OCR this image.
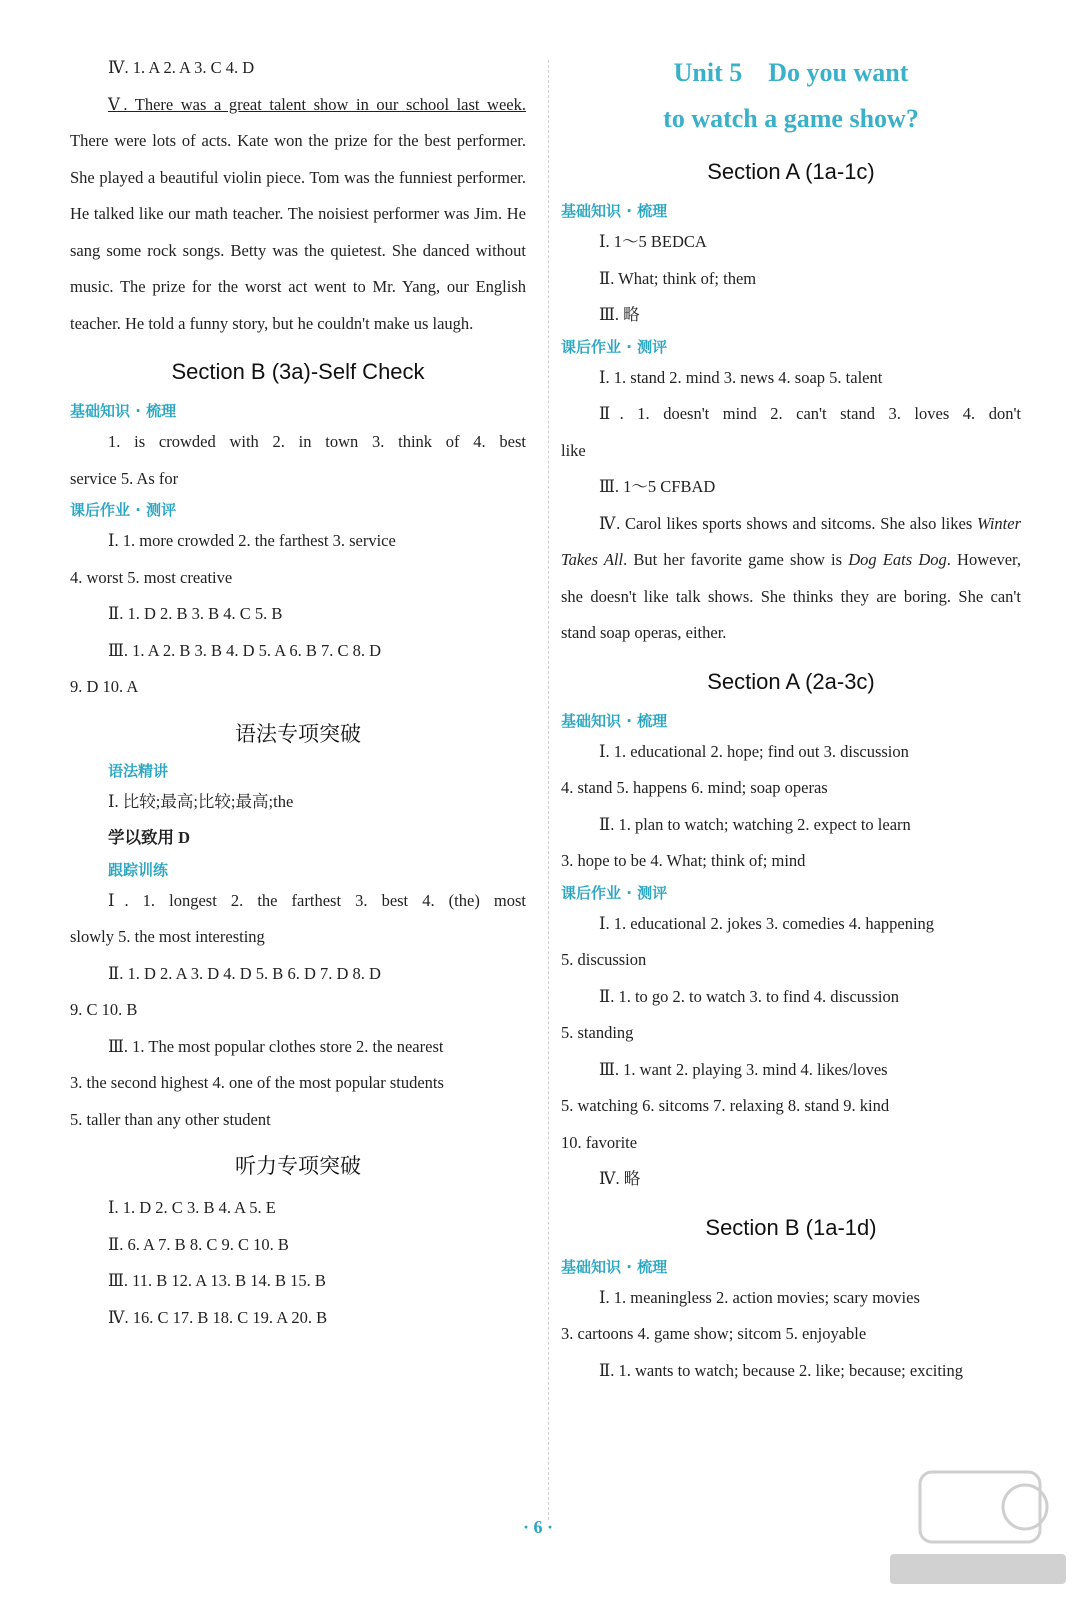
Ⅳ. 1. A 2. A 3. C 4. D
Ⅴ. There was a great talent show in our school last week. There were lots of acts. Kate won the prize for the best performer. She played a beautiful violin piece. Tom was the funniest performer. He talked like our math teacher. The noisiest performer was Jim. He sang some rock songs. Betty was the quietest. She danced without music. The prize for the worst act went to Mr. Yang, our English teacher. He told a funny story, but he couldn't make us laugh.
Section B (3a)-Self Check
基础知识 · 梳理
1. is crowded with 2. in town 3. think of 4. best
service 5. As for
课后作业 · 测评
Ⅰ. 1. more crowded 2. the farthest 3. service
4. worst 5. most creative
Ⅱ. 1. D 2. B 3. B 4. C 5. B
Ⅲ. 1. A 2. B 3. B 4. D 5. A 6. B 7. C 8. D
9. D 10. A
语法专项突破
语法精讲
Ⅰ. 比较;最高;比较;最高;the
学以致用 D
跟踪训练
Ⅰ. 1. longest 2. the farthest 3. best 4. (the) most
slowly 5. the most interesting
Ⅱ. 1. D 2. A 3. D 4. D 5. B 6. D 7. D 8. D
9. C 10. B
Ⅲ. 1. The most popular clothes store 2. the nearest
3. the second highest 4. one of the most popular students
5. taller than any other student
听力专项突破
Ⅰ. 1. D 2. C 3. B 4. A 5. E
Ⅱ. 6. A 7. B 8. C 9. C 10. B
Ⅲ. 11. B 12. A 13. B 14. B 15. B
Ⅳ. 16. C 17. B 18. C 19. A 20. B
Unit 5 Do you want
to watch a game show?
Section A (1a-1c)
基础知识 · 梳理
Ⅰ. 1～5 BEDCA
Ⅱ. What; think of; them
Ⅲ. 略
课后作业 · 测评
Ⅰ. 1. stand 2. mind 3. news 4. soap 5. talent
Ⅱ. 1. doesn't mind 2. can't stand 3. loves 4. don't
like
Ⅲ. 1～5 CFBAD
Ⅳ. Carol likes sports shows and sitcoms. She also likes Winter Takes All. But her favorite game show is Dog Eats Dog. However, she doesn't like talk shows. She thinks they are boring. She can't stand soap operas, either.
Section A (2a-3c)
基础知识 · 梳理
Ⅰ. 1. educational 2. hope; find out 3. discussion
4. stand 5. happens 6. mind; soap operas
Ⅱ. 1. plan to watch; watching 2. expect to learn
3. hope to be 4. What; think of; mind
课后作业 · 测评
Ⅰ. 1. educational 2. jokes 3. comedies 4. happening
5. discussion
Ⅱ. 1. to go 2. to watch 3. to find 4. discussion
5. standing
Ⅲ. 1. want 2. playing 3. mind 4. likes/loves
5. watching 6. sitcoms 7. relaxing 8. stand 9. kind
10. favorite
Ⅳ. 略
Section B (1a-1d)
基础知识 · 梳理
Ⅰ. 1. meaningless 2. action movies; scary movies
3. cartoons 4. game show; sitcom 5. enjoyable
Ⅱ. 1. wants to watch; because 2. like; because; exciting
· 6 ·
